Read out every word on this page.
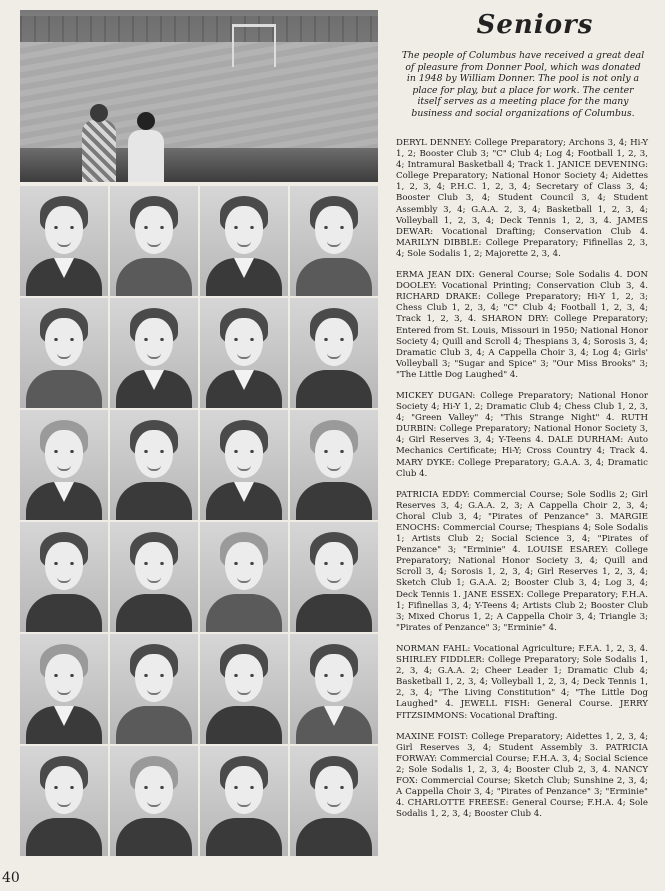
Seniors
The people of Columbus have received a great deal of pleasure from Donner Pool, which was donated in 1948 by William Donner. The pool is not only a place for play, but a place for work. The center itself serves as a meeting place for the many business and social organizations of Columbus.

DERYL DENNEY: College Preparatory; Archons 3, 4; Hi-Y 1, 2; Booster Club 3; "C" Club 4; Log 4; Football 1, 2, 3, 4; Intramural Basketball 4; Track 1. JANICE DEVENING: College Preparatory; National Honor Society 4; Aidettes 1, 2, 3, 4; P.H.C. 1, 2, 3, 4; Secretary of Class 3, 4; Booster Club 3, 4; Student Council 3, 4; Student Assembly 3, 4; G.A.A. 2, 3, 4; Basketball 1, 2, 3, 4; Volleyball 1, 2, 3, 4; Deck Tennis 1, 2, 3, 4. JAMES DEWAR: Vocational Drafting; Conservation Club 4. MARILYN DIBBLE: College Preparatory; Fifinellas 2, 3, 4; Sole Sodalis 1, 2; Majorette 2, 3, 4.

ERMA JEAN DIX: General Course; Sole Sodalis 4. DON DOOLEY: Vocational Printing; Conservation Club 3, 4. RICHARD DRAKE: College Preparatory; Hi-Y 1, 2, 3; Chess Club 1, 2, 3, 4; "C" Club 4; Football 1, 2, 3, 4; Track 1, 2, 3, 4. SHARON DRY: College Preparatory; Entered from St. Louis, Missouri in 1950; National Honor Society 4; Quill and Scroll 4; Thespians 3, 4; Sorosis 3, 4; Dramatic Club 3, 4; A Cappella Choir 3, 4; Log 4; Girls' Volleyball 3; "Sugar and Spice" 3; "Our Miss Brooks" 3; "The Little Dog Laughed" 4.

MICKEY DUGAN: College Preparatory; National Honor Society 4; Hi-Y 1, 2; Dramatic Club 4; Chess Club 1, 2, 3, 4; "Green Valley" 4; "This Strange Night" 4. RUTH DURBIN: College Preparatory; National Honor Society 3, 4; Girl Reserves 3, 4; Y-Teens 4. DALE DURHAM: Auto Mechanics Certificate; Hi-Y; Cross Country 4; Track 4. MARY DYKE: College Preparatory; G.A.A. 3, 4; Dramatic Club 4.

PATRICIA EDDY: Commercial Course; Sole Sodlis 2; Girl Reserves 3, 4; G.A.A. 2, 3; A Cappella Choir 2, 3, 4; Choral Club 3, 4; "Pirates of Penzance" 3. MARGIE ENOCHS: Commercial Course; Thespians 4; Sole Sodalis 1; Artists Club 2; Social Science 3, 4; "Pirates of Penzance" 3; "Erminie" 4. LOUISE ESAREY: College Preparatory; National Honor Society 3, 4; Quill and Scroll 3, 4; Sorosis 1, 2, 3, 4; Girl Reserves 1, 2, 3, 4; Sketch Club 1; G.A.A. 2; Booster Club 3, 4; Log 3, 4; Deck Tennis 1. JANE ESSEX: College Preparatory; F.H.A. 1; Fifinellas 3, 4; Y-Teens 4; Artists Club 2; Booster Club 3; Mixed Chorus 1, 2; A Cappella Choir 3, 4; Triangle 3; "Pirates of Penzance" 3; "Erminie" 4.

NORMAN FAHL: Vocational Agriculture; F.F.A. 1, 2, 3, 4. SHIRLEY FIDDLER: College Preparatory; Sole Sodalis 1, 2, 3, 4; G.A.A. 2; Cheer Leader 1; Dramatic Club 4; Basketball 1, 2, 3, 4; Volleyball 1, 2, 3, 4; Deck Tennis 1, 2, 3, 4; "The Living Constitution" 4; "The Little Dog Laughed" 4. JEWELL FISH: General Course. JERRY FITZSIMMONS: Vocational Drafting.

MAXINE FOIST: College Preparatory; Aidettes 1, 2, 3, 4; Girl Reserves 3, 4; Student Assembly 3. PATRICIA FORWAY: Commercial Course; F.H.A. 3, 4; Social Science 2; Sole Sodalis 1, 2, 3, 4; Booster Club 2, 3, 4. NANCY FOX: Commercial Course; Sketch Club; Sunshine 2, 3, 4; A Cappella Choir 3, 4; "Pirates of Penzance" 3; "Erminie" 4. CHARLOTTE FREESE: General Course; F.H.A. 4; Sole Sodalis 1, 2, 3, 4; Booster Club 4.

40
